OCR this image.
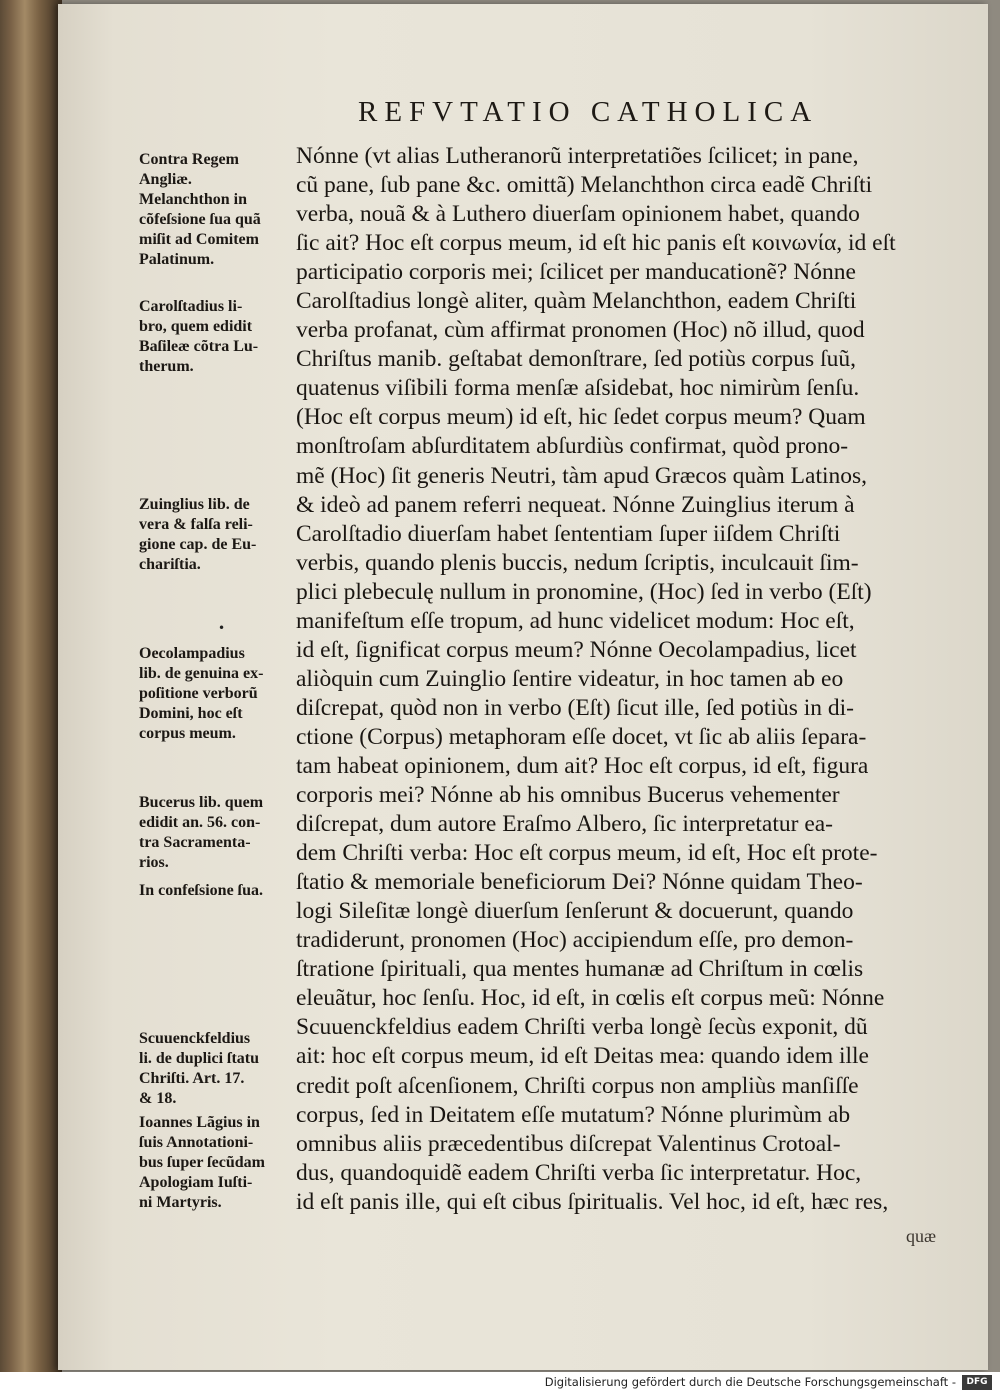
REFVTATIO CATHOLICA
Contra Regem
Angliæ.
Melanchthon in
cõfeſsione ſua quã
miſit ad Comitem
Palatinum.
Carolſtadius li-
bro, quem edidit
Baſileæ cõtra Lu-
therum.
Zuinglius lib. de
vera & falſa reli-
gione cap. de Eu-
chariſtia.
Oecolampadius
lib. de genuina ex-
poſitione verborũ
Domini, hoc eſt
corpus meum.
Bucerus lib. quem
edidit an. 56. con-
tra Sacramenta-
rios.
In confeſsione ſua.
Scuuenckfeldius
li. de duplici ſtatu
Chriſti. Art. 17.
& 18.
Ioannes Lãgius in
ſuis Annotationi-
bus ſuper ſecũdam
Apologiam Iuſti-
ni Martyris.
•
Nónne (vt alias Lutheranorũ interpretatiões ſcilicet; in pane,
cũ pane, ſub pane &c. omittã) Melanchthon circa eadẽ Chriſti
verba, nouã & à Luthero diuerſam opinionem habet, quando
ſic ait? Hoc eſt corpus meum, id eſt hic panis eſt κοινωνία, id eſt
participatio corporis mei; ſcilicet per manducationẽ? Nónne
Carolſtadius longè aliter, quàm Melanchthon, eadem Chriſti
verba profanat, cùm affirmat pronomen (Hoc) nõ illud, quod
Chriſtus manib. geſtabat demonſtrare, ſed potiùs corpus ſuũ,
quatenus viſibili forma menſæ aſsidebat, hoc nimirùm ſenſu.
(Hoc eſt corpus meum) id eſt, hic ſedet corpus meum? Quam
monſtroſam abſurditatem abſurdiùs confirmat, quòd prono-
mẽ (Hoc) ſit generis Neutri, tàm apud Græcos quàm Latinos,
& ideò ad panem referri nequeat. Nónne Zuinglius iterum à
Carolſtadio diuerſam habet ſententiam ſuper iiſdem Chriſti
verbis, quando plenis buccis, nedum ſcriptis, inculcauit ſim-
plici plebeculę nullum in pronomine, (Hoc) ſed in verbo (Eſt)
manifeſtum eſſe tropum, ad hunc videlicet modum: Hoc eſt,
id eſt, ſignificat corpus meum? Nónne Oecolampadius, licet
aliòquin cum Zuinglio ſentire videatur, in hoc tamen ab eo
diſcrepat, quòd non in verbo (Eſt) ſicut ille, ſed potiùs in di-
ctione (Corpus) metaphoram eſſe docet, vt ſic ab aliis ſepara-
tam habeat opinionem, dum ait? Hoc eſt corpus, id eſt, figura
corporis mei? Nónne ab his omnibus Bucerus vehementer
diſcrepat, dum autore Eraſmo Albero, ſic interpretatur ea-
dem Chriſti verba: Hoc eſt corpus meum, id eſt, Hoc eſt prote-
ſtatio & memoriale beneficiorum Dei? Nónne quidam Theo-
logi Sileſitæ longè diuerſum ſenſerunt & docuerunt, quando
tradiderunt, pronomen (Hoc) accipiendum eſſe, pro demon-
ſtratione ſpirituali, qua mentes humanæ ad Chriſtum in cœlis
eleuãtur, hoc ſenſu. Hoc, id eſt, in cœlis eſt corpus meũ: Nónne
Scuuenckfeldius eadem Chriſti verba longè ſecùs exponit, dũ
ait: hoc eſt corpus meum, id eſt Deitas mea: quando idem ille
credit poſt aſcenſionem, Chriſti corpus non ampliùs manſiſſe
corpus, ſed in Deitatem eſſe mutatum? Nónne plurimùm ab
omnibus aliis præcedentibus diſcrepat Valentinus Crotoal-
dus, quandoquidẽ eadem Chriſti verba ſic interpretatur. Hoc,
id eſt panis ille, qui eſt cibus ſpiritualis. Vel hoc, id eſt, hæc res,
quæ
Digitalisierung gefördert durch die Deutsche Forschungsgemeinschaft -	DFG
